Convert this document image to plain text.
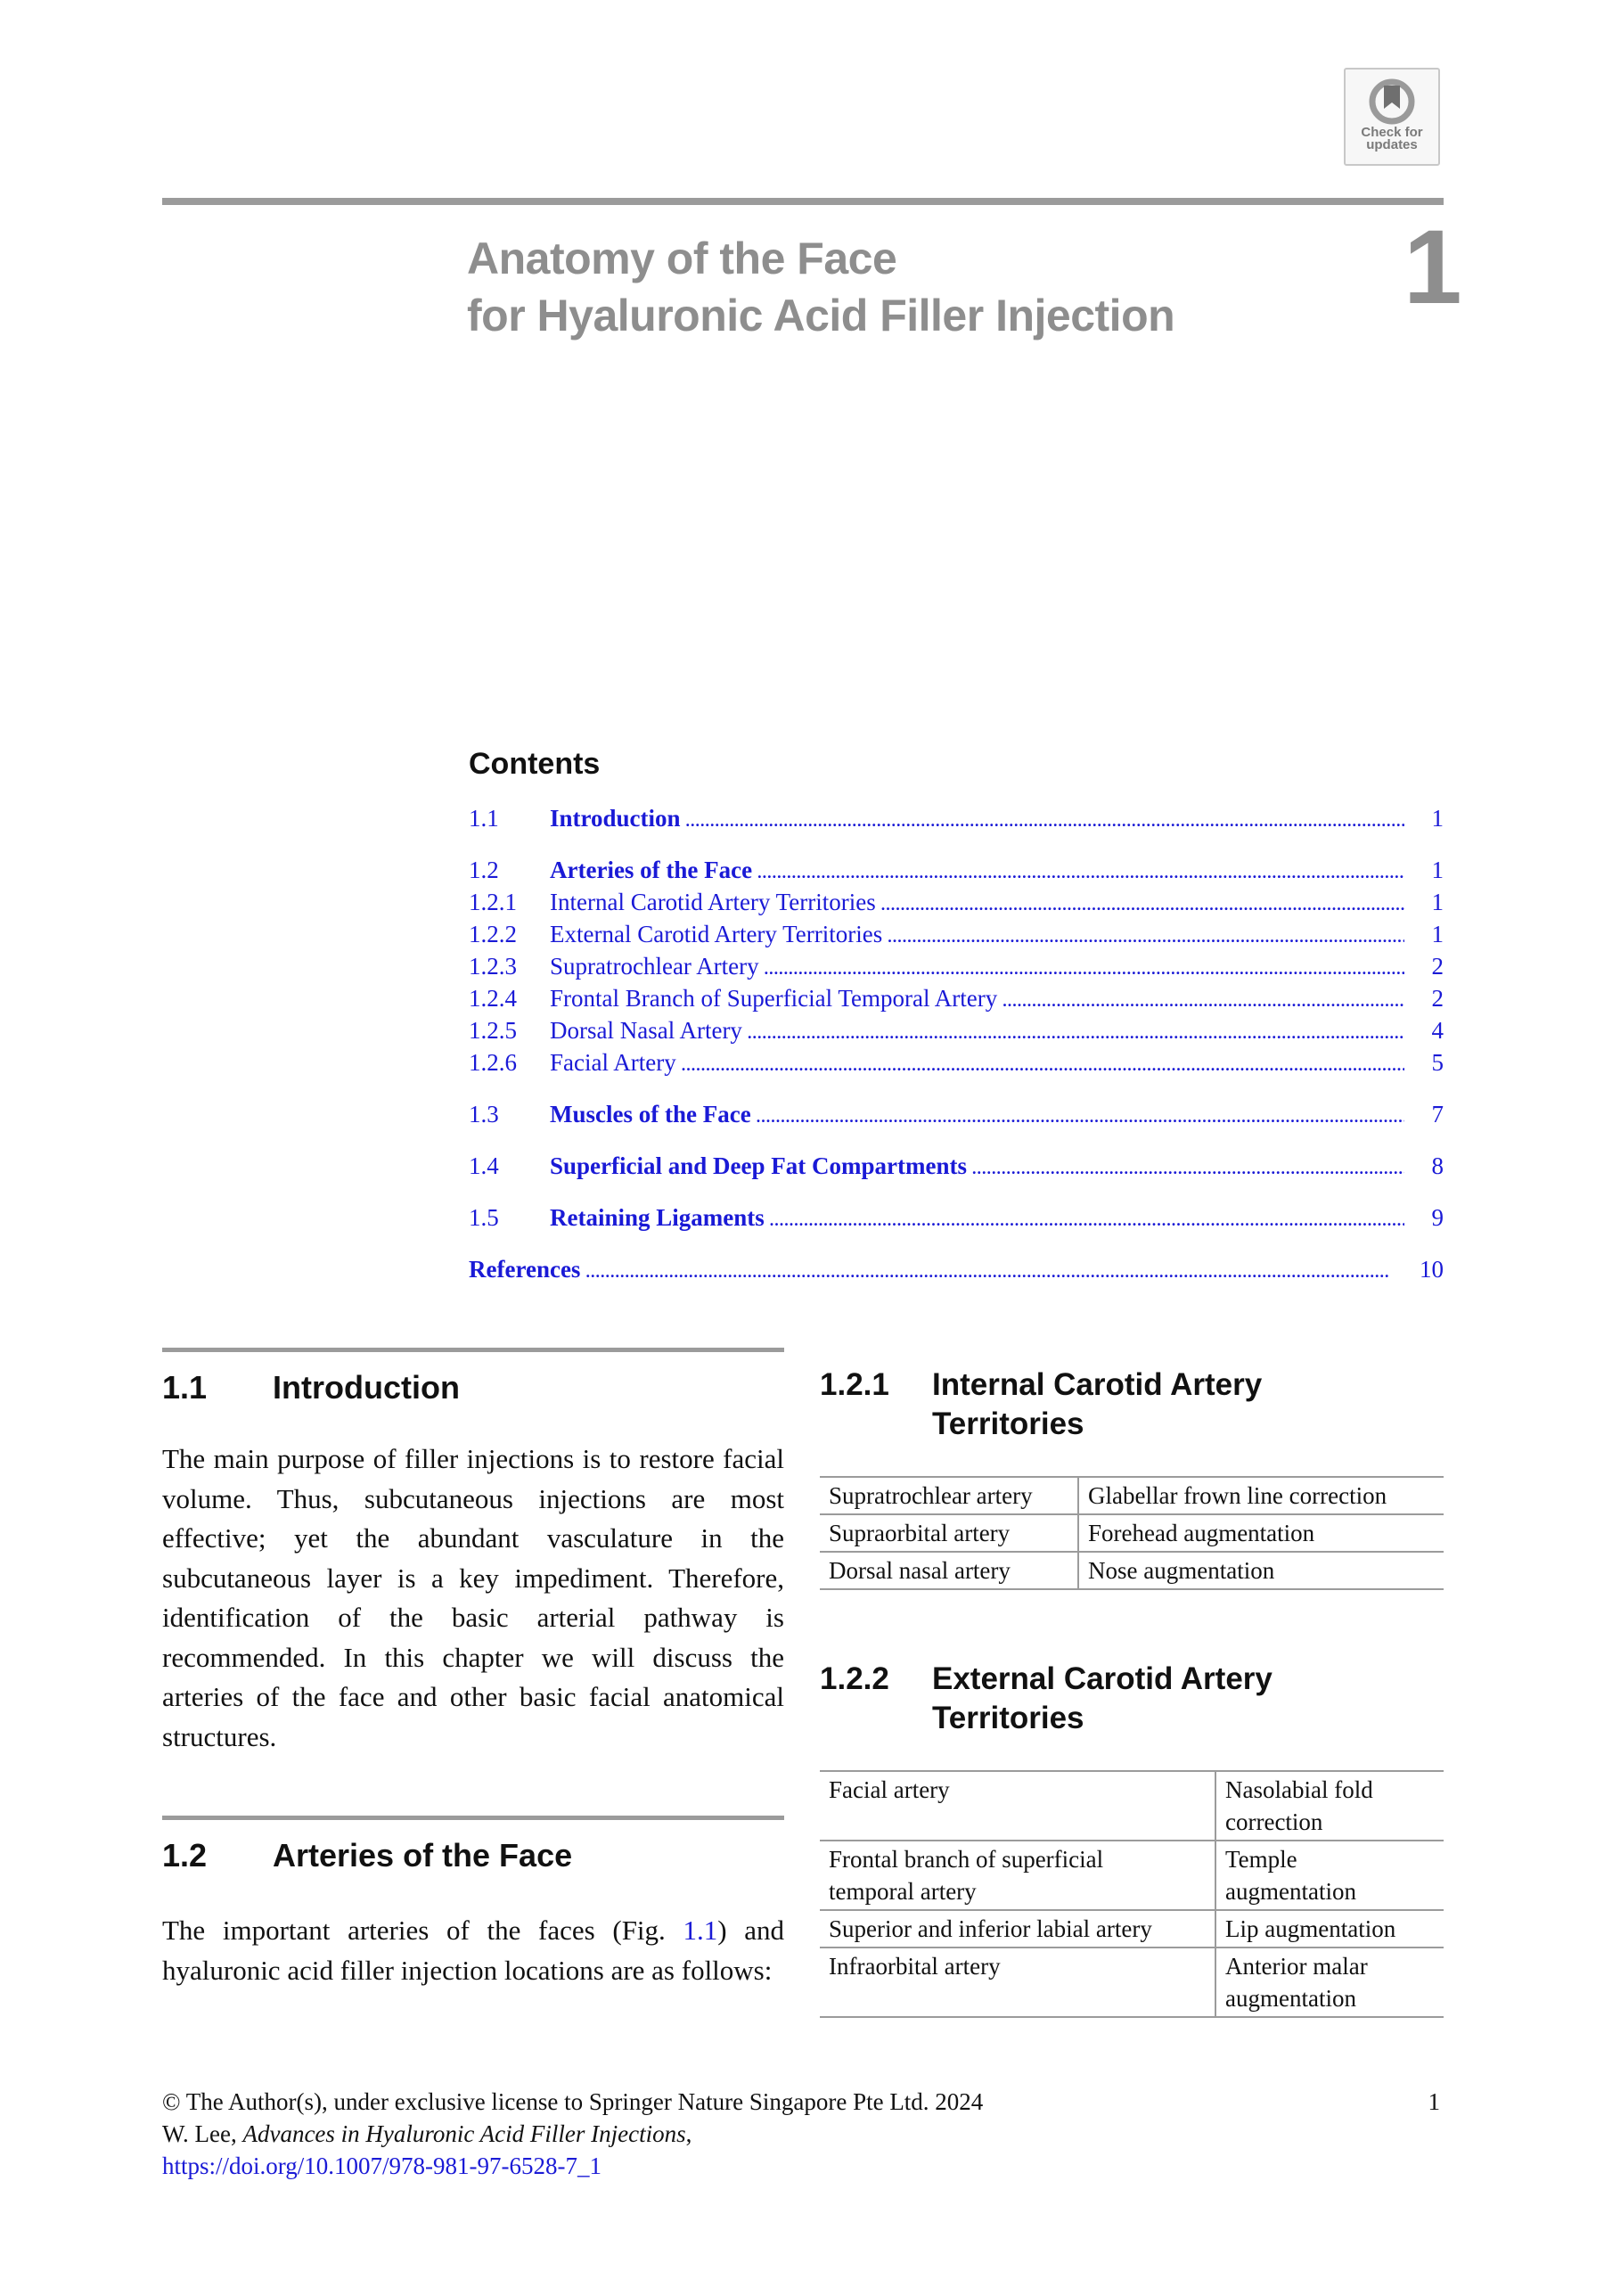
Check for
updates
Anatomy of the Face
for Hyaluronic Acid Filler Injection 1
Contents
1.1	Introduction .....	1
1.2	Arteries of the Face .....	1
1.2.1	Internal Carotid Artery Territories .....	1
1.2.2	External Carotid Artery Territories .....	1
1.2.3	Supratrochlear Artery .....	2
1.2.4	Frontal Branch of Superficial Temporal Artery .....	2
1.2.5	Dorsal Nasal Artery .....	4
1.2.6	Facial Artery .....	5
1.3	Muscles of the Face .....	7
1.4	Superficial and Deep Fat Compartments .....	8
1.5	Retaining Ligaments .....	9
References .....	10
1.1	Introduction

The main purpose of filler injections is to restore facial volume. Thus, subcutaneous injections are most effective; yet the abundant vasculature in the subcutaneous layer is a key impediment. Therefore, identification of the basic arterial pathway is recommended. In this chapter we will discuss the arteries of the face and other basic facial anatomical structures.

1.2	Arteries of the Face

The important arteries of the faces (Fig. 1.1) and hyaluronic acid filler injection locations are as follows:

1.2.1	Internal Carotid Artery
Territories
Supratrochlear artery	Glabellar frown line correction
Supraorbital artery	Forehead augmentation
Dorsal nasal artery	Nose augmentation
1.2.2	External Carotid Artery
Territories
Facial artery	Nasolabial fold correction
Frontal branch of superficial temporal artery	Temple augmentation
Superior and inferior labial artery	Lip augmentation
Infraorbital artery	Anterior malar augmentation
© The Author(s), under exclusive license to Springer Nature Singapore Pte Ltd. 2024
W. Lee, Advances in Hyaluronic Acid Filler Injections,
https://doi.org/10.1007/978-981-97-6528-7_1
1
